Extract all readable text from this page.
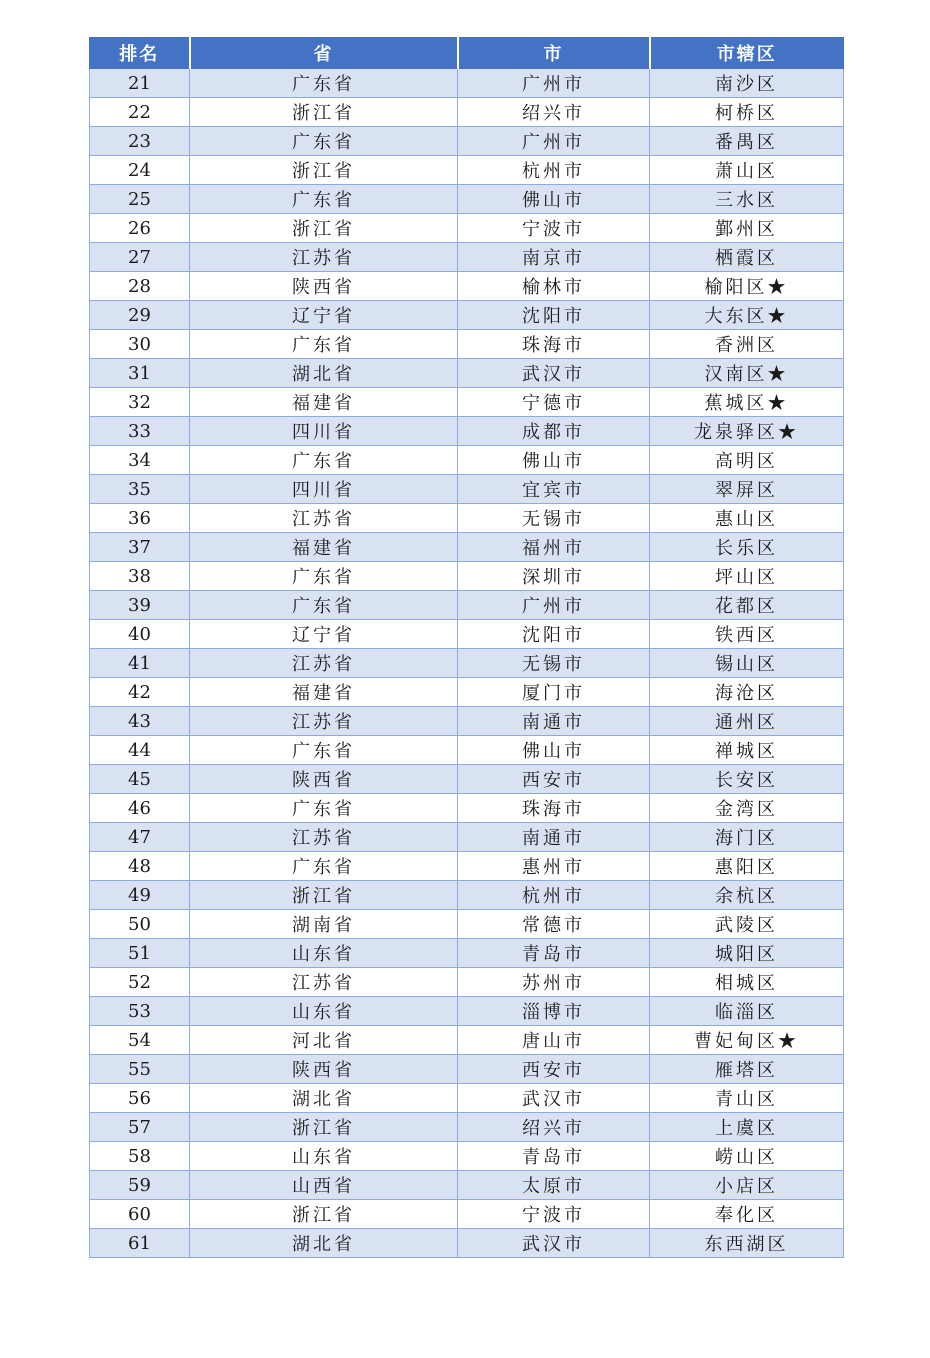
排名	省	市	市辖区
21	广东省	广州市	南沙区
22	浙江省	绍兴市	柯桥区
23	广东省	广州市	番禺区
24	浙江省	杭州市	萧山区
25	广东省	佛山市	三水区
26	浙江省	宁波市	鄞州区
27	江苏省	南京市	栖霞区
28	陕西省	榆林市	榆阳区★
29	辽宁省	沈阳市	大东区★
30	广东省	珠海市	香洲区
31	湖北省	武汉市	汉南区★
32	福建省	宁德市	蕉城区★
33	四川省	成都市	龙泉驿区★
34	广东省	佛山市	高明区
35	四川省	宜宾市	翠屏区
36	江苏省	无锡市	惠山区
37	福建省	福州市	长乐区
38	广东省	深圳市	坪山区
39	广东省	广州市	花都区
40	辽宁省	沈阳市	铁西区
41	江苏省	无锡市	锡山区
42	福建省	厦门市	海沧区
43	江苏省	南通市	通州区
44	广东省	佛山市	禅城区
45	陕西省	西安市	长安区
46	广东省	珠海市	金湾区
47	江苏省	南通市	海门区
48	广东省	惠州市	惠阳区
49	浙江省	杭州市	余杭区
50	湖南省	常德市	武陵区
51	山东省	青岛市	城阳区
52	江苏省	苏州市	相城区
53	山东省	淄博市	临淄区
54	河北省	唐山市	曹妃甸区★
55	陕西省	西安市	雁塔区
56	湖北省	武汉市	青山区
57	浙江省	绍兴市	上虞区
58	山东省	青岛市	崂山区
59	山西省	太原市	小店区
60	浙江省	宁波市	奉化区
61	湖北省	武汉市	东西湖区
